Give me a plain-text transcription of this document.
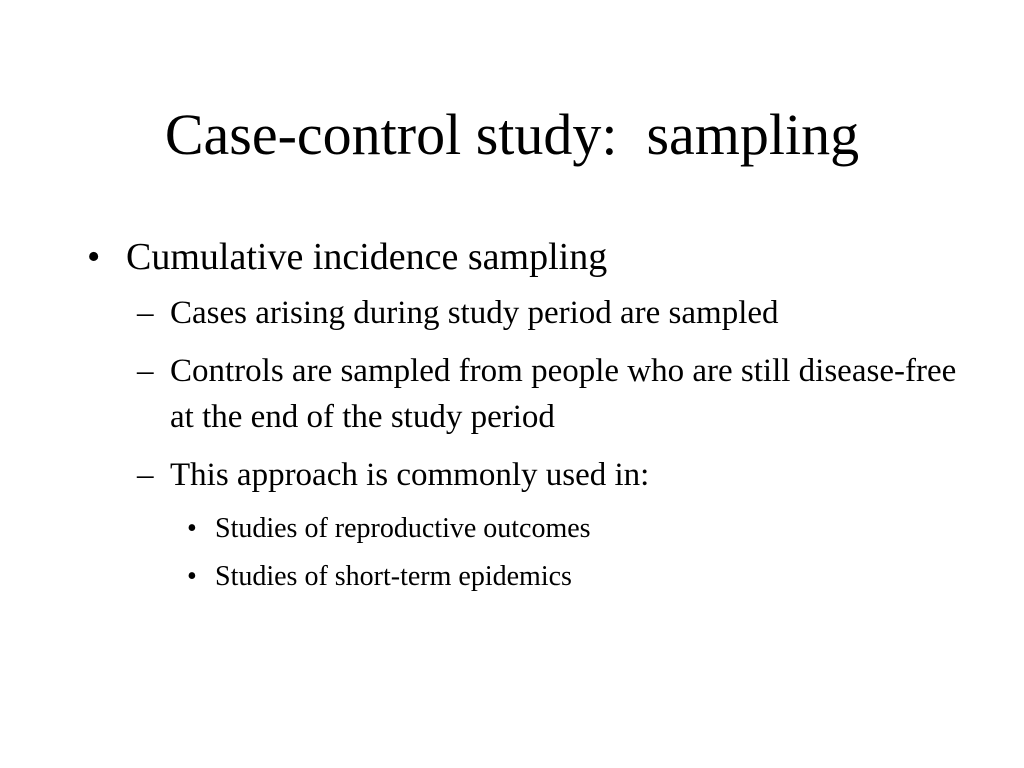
Case-control study:  sampling
• Cumulative incidence sampling
– Cases arising during study period are sampled
– Controls are sampled from people who are still disease-free at the end of the study period
– This approach is commonly used in:
• Studies of reproductive outcomes
• Studies of short-term epidemics
